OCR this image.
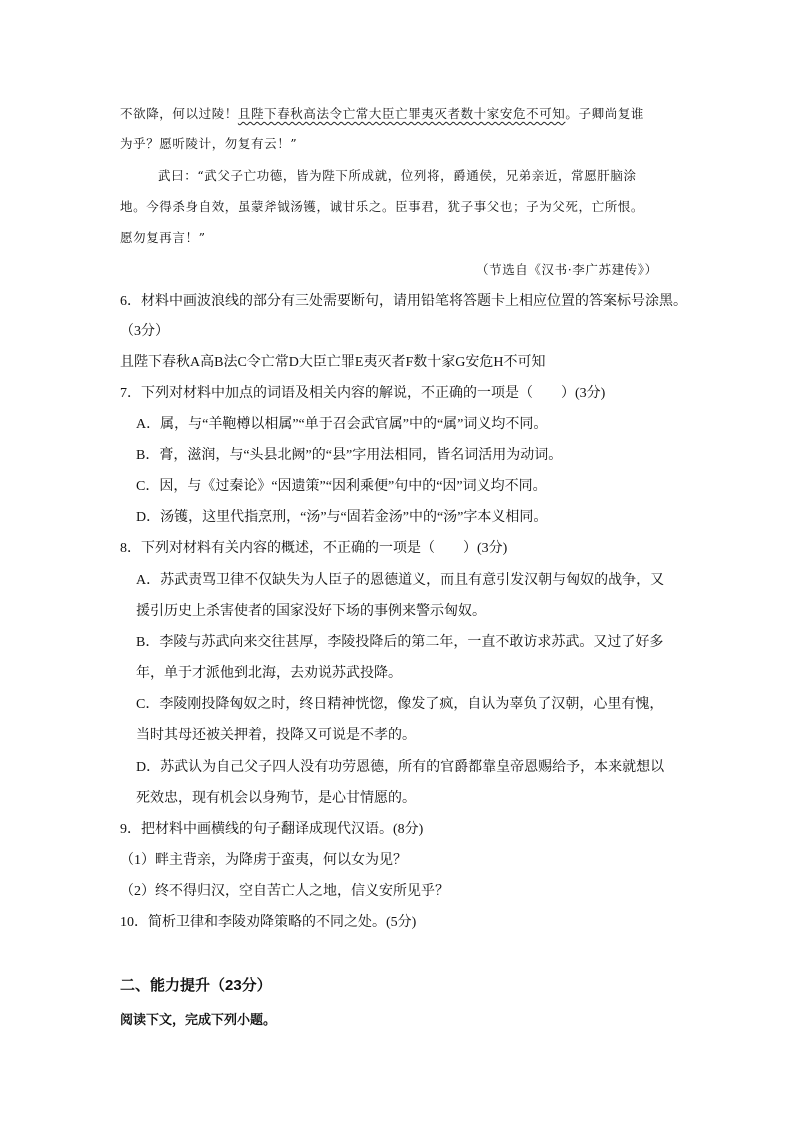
不欲降，何以过陵！且陛下春秋高法令亡常大臣亡罪夷灭者数十家安危不可知。子卿尚复谁
为乎？愿听陵计，勿复有云！”
武曰：“武父子亡功德，皆为陛下所成就，位列将，爵通侯，兄弟亲近，常愿肝脑涂
地。今得杀身自效，虽蒙斧钺汤镬，诚甘乐之。臣事君，犹子事父也；子为父死，亡所恨。
愿勿复再言！”
（节选自《汉书·李广苏建传》）
6．材料中画波浪线的部分有三处需要断句，请用铅笔将答题卡上相应位置的答案标号涂黑。
（3分）
且陛下春秋A高B法C令亡常D大臣亡罪E夷灭者F数十家G安危H不可知
7．下列对材料中加点的词语及相关内容的解说，不正确的一项是（　　）(3分)
A．属，与“羊鞄樽以相属”“单于召会武官属”中的“属”词义均不同。
B．膏，滋润，与“头县北阙”的“县”字用法相同，皆名词活用为动词。
C．因，与《过秦论》“因遗策”“因利乘便”句中的“因”词义均不同。
D．汤镬，这里代指烹刑，“汤”与“固若金汤”中的“汤”字本义相同。
8．下列对材料有关内容的概述，不正确的一项是（　　）(3分)
A．苏武责骂卫律不仅缺失为人臣子的恩德道义，而且有意引发汉朝与匈奴的战争，又
援引历史上杀害使者的国家没好下场的事例来警示匈奴。
B．李陵与苏武向来交往甚厚，李陵投降后的第二年，一直不敢访求苏武。又过了好多
年，单于才派他到北海，去劝说苏武投降。
C．李陵刚投降匈奴之时，终日精神恍惚，像发了疯，自认为辜负了汉朝，心里有愧，
当时其母还被关押着，投降又可说是不孝的。
D．苏武认为自己父子四人没有功劳恩德，所有的官爵都靠皇帝恩赐给予，本来就想以
死效忠，现有机会以身殉节，是心甘情愿的。
9．把材料中画横线的句子翻译成现代汉语。(8分)
（1）畔主背亲，为降虏于蛮夷，何以女为见？
（2）终不得归汉，空自苦亡人之地，信义安所见乎？
10．简析卫律和李陵劝降策略的不同之处。(5分)
二、能力提升（23分）
阅读下文，完成下列小题。
